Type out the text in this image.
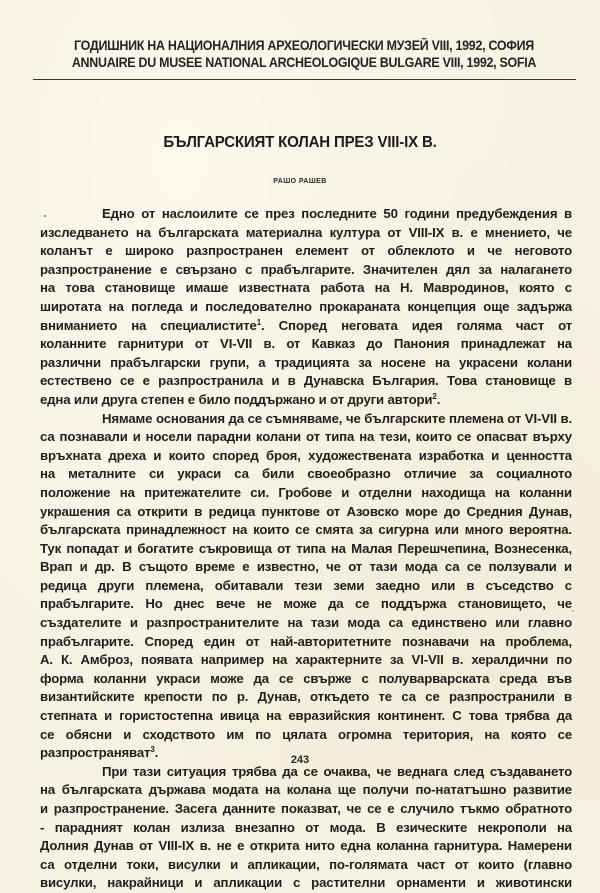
ГОДИШНИК НА НАЦИОНАЛНИЯ АРХЕОЛОГИЧЕСКИ МУЗЕЙ VIII, 1992, СОФИЯ
ANNUAIRE DU MUSEE NATIONAL ARCHEOLOGIQUE BULGARE VIII, 1992, SOFIA
БЪЛГАРСКИЯТ КОЛАН ПРЕЗ VIII-IX В.
РАШО РАШЕВ
Едно от наслоилите се през последните 50 години предубеждения в
изследването на българската материална култура от VIII-IX в. е мнението, че
коланът е широко разпространен елемент от облеклото и че неговото
разпространение е свързано с прабългарите. Значителен дял за налагането
на това становище имаше известната работа на Н. Мавродинов, която с
широтата на погледа и последователно прокараната концепция още задържа
вниманието на специалистите$^1$. Според неговата идея голяма част от
коланните гарнитури от VI-VII в. от Кавказ до Панония принадлежат на
различни прабългарски групи, а традицията за носене на украсени колани
естествено се е разпространила и в Дунавска България. Това становище в
една или друга степен е било поддържано и от други автори$^2$.
Нямаме основания да се съмняваме, че българските племена от VI-VII в.
са познавали и носели парадни колани от типа на тези, които се опасват върху
връхната дреха и които според броя, художествената изработка и ценността
на металните си украси са били своеобразно отличие за социалното
положение на притежателите си. Гробове и отделни находища на коланни
украшения са открити в редица пунктове от Азовско море до Средния Дунав,
българската принадлежност на които се смята за сигурна или много вероятна.
Тук попадат и богатите съкровища от типа на Малая Перешчепина, Вознесенка,
Врап и др. В същото време е известно, че от тази мода са се ползували и
редица други племена, обитавали тези земи заедно или в съседство с
прабългарите. Но днес вече не може да се поддържа становището, че
създателите и разпространителите на тази мода са единствено или главно
прабългарите. Според един от най-авторитетните познавачи на проблема,
А. К. Амброз, появата например на характерните за VI-VII в. хералдични по
форма коланни украси може да се свърже с полуварварската среда във
византийските крепости по р. Дунав, откъдето те са се разпространили в
степната и гористостепна ивица на евразийския континент. С това трябва да
се обясни и сходството им по цялата огромна територия, на която се
разпространяват$^3$.
При тази ситуация трябва да се очаква, че веднага след създаването
на българската държава модата на колана ще получи по-нататъшно развитие
и разпространение. Засега данните показват, че се е случило тъкмо обратното
- парадният колан излиза внезапно от мода. В езическите некрополи на
Долния Дунав от VIII-IX в. не е открита нито една коланна гарнитура. Намерени
са отделни токи, висулки и апликации, по-голямата част от които (главно
висулки, накрайници и апликации с растителни орнаменти и животински
243
